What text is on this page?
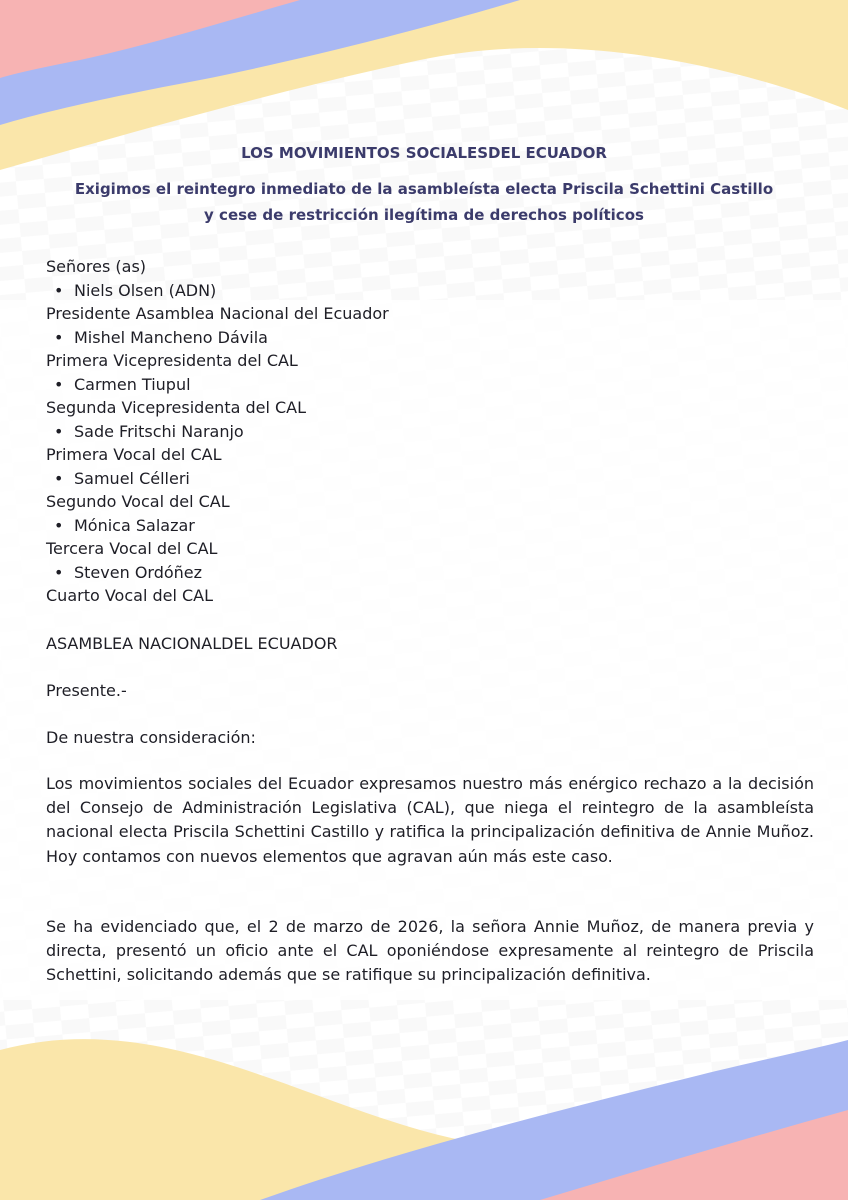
LOS MOVIMIENTOS SOCIALESDEL ECUADOR
Exigimos el reintegro inmediato de la asambleísta electa Priscila Schettini Castillo
y cese de restricción ilegítima de derechos políticos
Señores (as)
• Niels Olsen (ADN)
Presidente Asamblea Nacional del Ecuador
• Mishel Mancheno Dávila
Primera Vicepresidenta del CAL
• Carmen Tiupul
Segunda Vicepresidenta del CAL
• Sade Fritschi Naranjo
Primera Vocal del CAL
• Samuel Célleri
Segundo Vocal del CAL
• Mónica Salazar
Tercera Vocal del CAL
• Steven Ordóñez
Cuarto Vocal del CAL
ASAMBLEA NACIONALDEL ECUADOR
Presente.-
De nuestra consideración:
Los movimientos sociales del Ecuador expresamos nuestro más enérgico rechazo a la decisión del Consejo de Administración Legislativa (CAL), que niega el reintegro de la asambleísta nacional electa Priscila Schettini Castillo y ratifica la principalización definitiva de Annie Muñoz. Hoy contamos con nuevos elementos que agravan aún más este caso.
Se ha evidenciado que, el 2 de marzo de 2026, la señora Annie Muñoz, de manera previa y directa, presentó un oficio ante el CAL oponiéndose expresamente al reintegro de Priscila Schettini, solicitando además que se ratifique su principalización definitiva.
